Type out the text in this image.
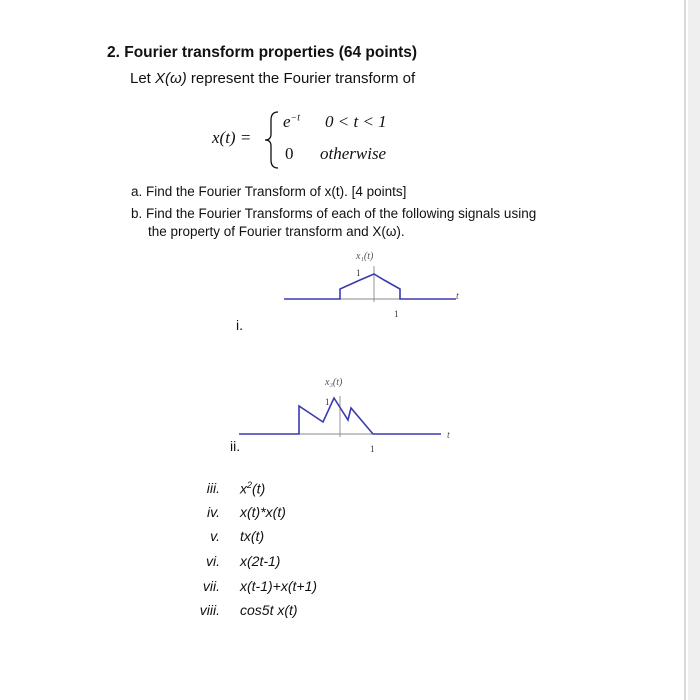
2. Fourier transform properties (64 points)
Let X(ω) represent the Fourier transform of
x(t) =
$e^{-t}$ 0 < t < 1
0 otherwise
a. Find the Fourier Transform of x(t). [4 points]
b. Find the Fourier Transforms of each of the following signals using
the property of Fourier transform and X(ω).
x₁(t)
1
1
t
i.
x₃(t)
1
1
t
ii.
iii. $x^2(t)$
iv. x(t)*x(t)
v. tx(t)
vi. x(2t-1)
vii. x(t-1)+x(t+1)
viii. cos5t x(t)
